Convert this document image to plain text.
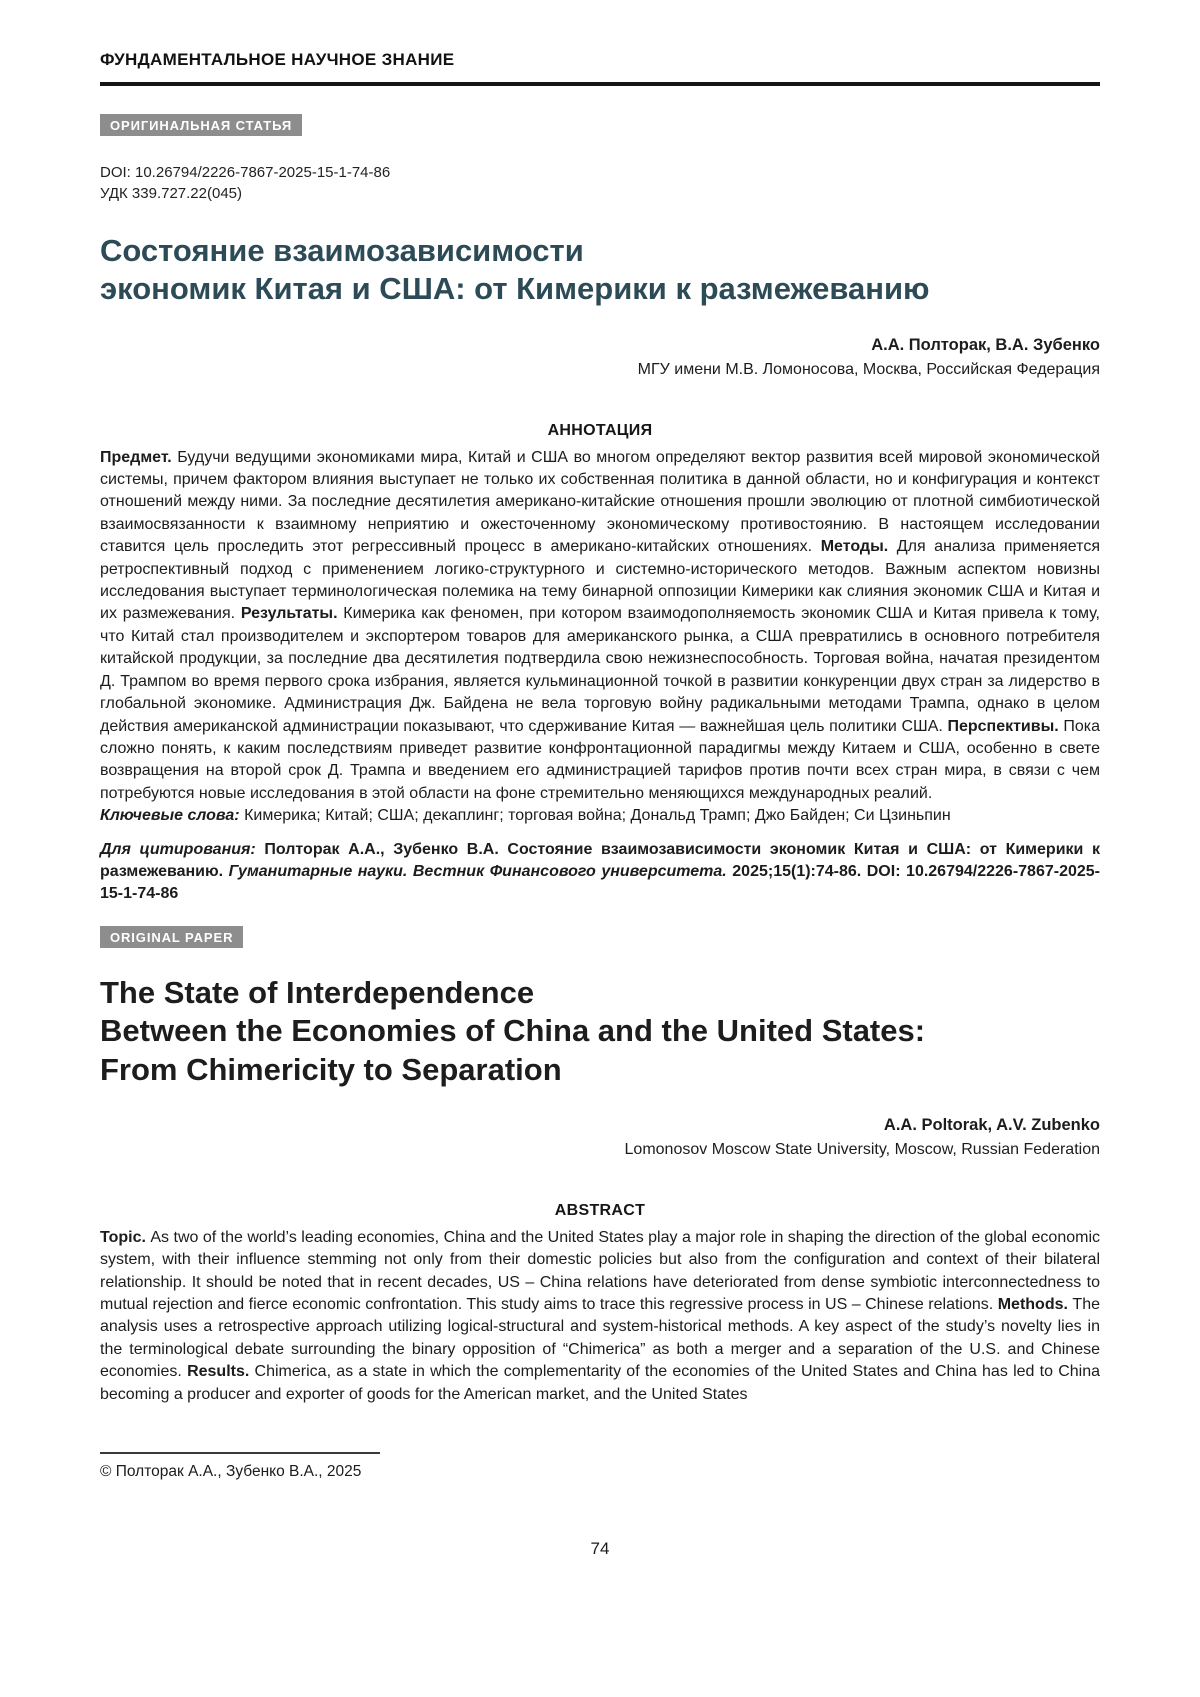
ФУНДАМЕНТАЛЬНОЕ НАУЧНОЕ ЗНАНИЕ
ОРИГИНАЛЬНАЯ СТАТЬЯ
DOI: 10.26794/2226-7867-2025-15-1-74-86
УДК 339.727.22(045)
Состояние взаимозависимости
экономик Китая и США: от Кимерики к размежеванию
А.А. Полторак, В.А. Зубенко
МГУ имени М.В. Ломоносова, Москва, Российская Федерация
АННОТАЦИЯ

Предмет. Будучи ведущими экономиками мира, Китай и США во многом определяют вектор развития всей мировой экономической системы, причем фактором влияния выступает не только их собственная политика в данной области, но и конфигурация и контекст отношений между ними. За последние десятилетия американо-китайские отношения прошли эволюцию от плотной симбиотической взаимосвязанности к взаимному неприятию и ожесточенному экономическому противостоянию. В настоящем исследовании ставится цель проследить этот регрессивный процесс в американо-китайских отношениях. Методы. Для анализа применяется ретроспективный подход с применением логико-структурного и системно-исторического методов. Важным аспектом новизны исследования выступает терминологическая полемика на тему бинарной оппозиции Кимерики как слияния экономик США и Китая и их размежевания. Результаты. Кимерика как феномен, при котором взаимодополняемость экономик США и Китая привела к тому, что Китай стал производителем и экспортером товаров для американского рынка, а США превратились в основного потребителя китайской продукции, за последние два десятилетия подтвердила свою нежизнеспособность. Торговая война, начатая президентом Д. Трампом во время первого срока избрания, является кульминационной точкой в развитии конкуренции двух стран за лидерство в глобальной экономике. Администрация Дж. Байдена не вела торговую войну радикальными методами Трампа, однако в целом действия американской администрации показывают, что сдерживание Китая — важнейшая цель политики США. Перспективы. Пока сложно понять, к каким последствиям приведет развитие конфронтационной парадигмы между Китаем и США, особенно в свете возвращения на второй срок Д. Трампа и введением его администрацией тарифов против почти всех стран мира, в связи с чем потребуются новые исследования в этой области на фоне стремительно меняющихся международных реалий.

Ключевые слова: Кимерика; Китай; США; декаплинг; торговая война; Дональд Трамп; Джо Байден; Си Цзиньпин

Для цитирования: Полторак А.А., Зубенко В.А. Состояние взаимозависимости экономик Китая и США: от Кимерики к размежеванию. Гуманитарные науки. Вестник Финансового университета. 2025;15(1):74-86. DOI: 10.26794/2226-7867-2025-15-1-74-86

ORIGINAL PAPER
The State of Interdependence
Between the Economies of China and the United States:
From Chimericity to Separation
A.A. Poltorak, A.V. Zubenko
Lomonosov Moscow State University, Moscow, Russian Federation
ABSTRACT

Topic. As two of the world’s leading economies, China and the United States play a major role in shaping the direction of the global economic system, with their influence stemming not only from their domestic policies but also from the configuration and context of their bilateral relationship. It should be noted that in recent decades, US – China relations have deteriorated from dense symbiotic interconnectedness to mutual rejection and fierce economic confrontation. This study aims to trace this regressive process in US – Chinese relations. Methods. The analysis uses a retrospective approach utilizing logical-structural and system-historical methods. A key aspect of the study’s novelty lies in the terminological debate surrounding the binary opposition of “Chimerica” as both a merger and a separation of the U.S. and Chinese economies. Results. Chimerica, as a state in which the complementarity of the economies of the United States and China has led to China becoming a producer and exporter of goods for the American market, and the United States

© Полторак А.А., Зубенко В.А., 2025
74
